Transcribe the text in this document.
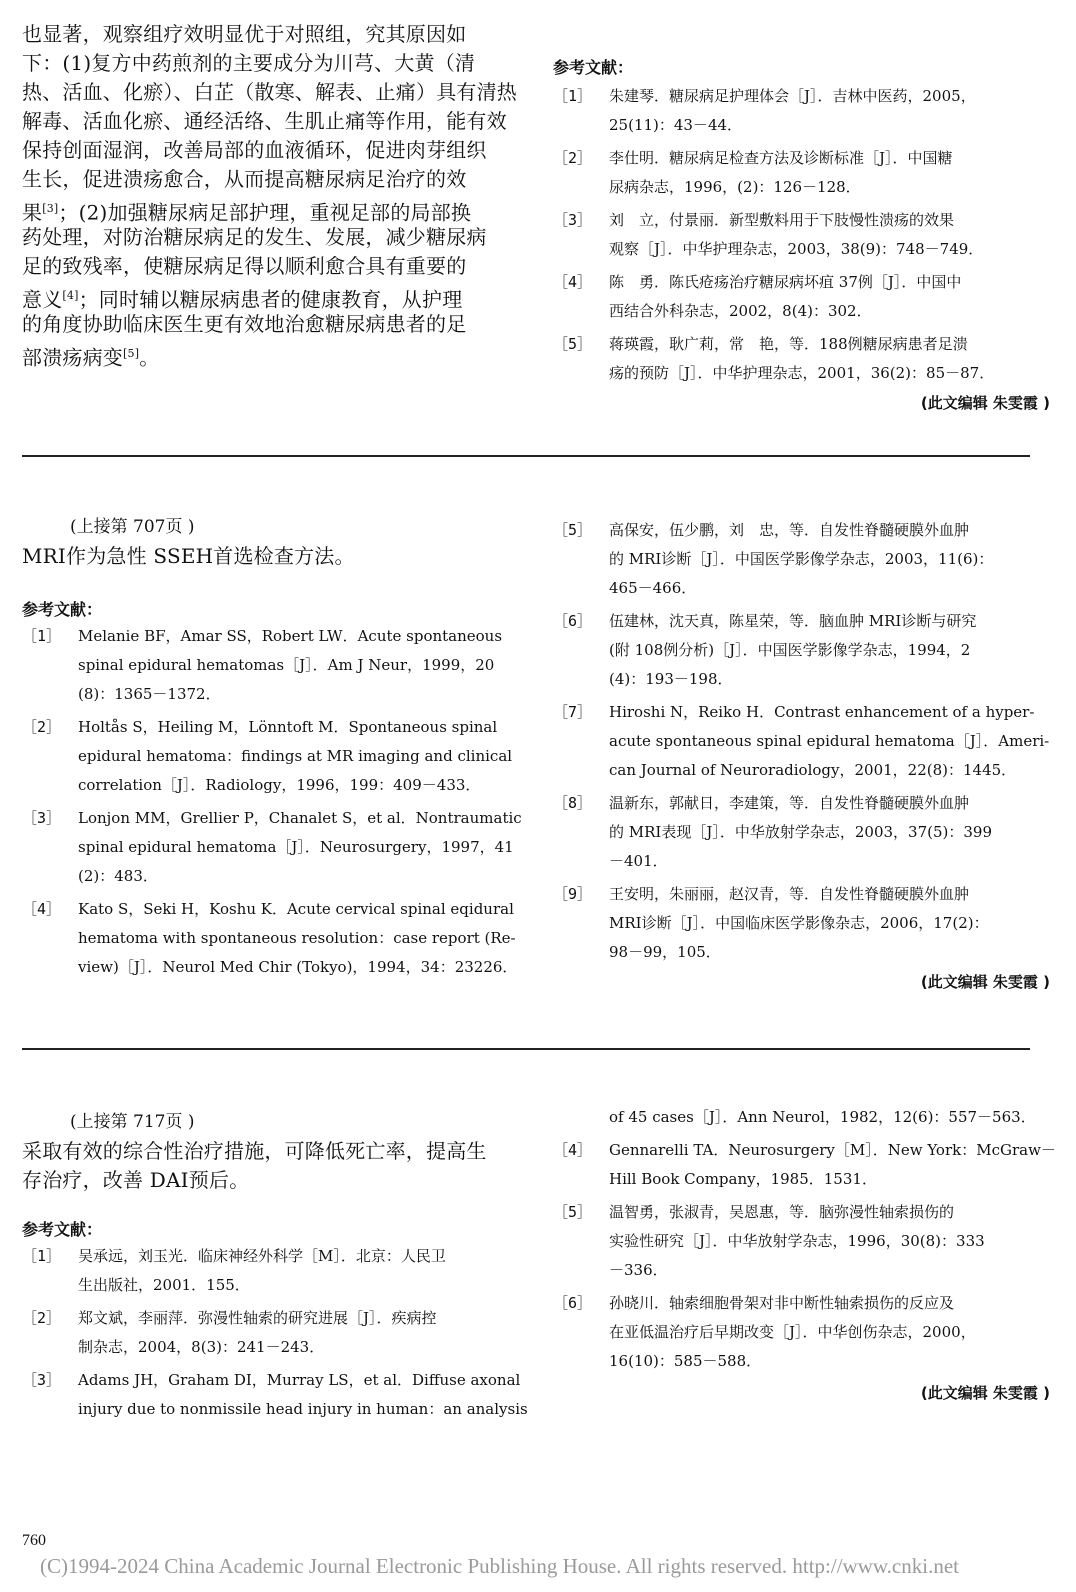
也显著，观察组疗效明显优于对照组，究其原因如
下：(1)复方中药煎剂的主要成分为川芎、大黄（清
热、活血、化瘀）、白芷（散寒、解表、止痛）具有清热
解毒、活血化瘀、通经活络、生肌止痛等作用，能有效
保持创面湿润，改善局部的血液循环，促进肉芽组织
生长，促进溃疡愈合，从而提高糖尿病足治疗的效
果[3]；(2)加强糖尿病足部护理，重视足部的局部换
药处理，对防治糖尿病足的发生、发展，减少糖尿病
足的致残率，使糖尿病足得以顺利愈合具有重要的
意义[4]；同时辅以糖尿病患者的健康教育，从护理
的角度协助临床医生更有效地治愈糖尿病患者的足
部溃疡病变[5]。
参考文献：
［1］	朱建琴．糖尿病足护理体会［J］．吉林中医药，2005，
25(11)：43－44．
［2］	李仕明．糖尿病足检查方法及诊断标准［J］．中国糖
尿病杂志，1996，(2)：126－128．
［3］	刘　立，付景丽．新型敷料用于下肢慢性溃疡的效果
观察［J］．中华护理杂志，2003，38(9)：748－749．
［4］	陈　勇．陈氏疮疡治疗糖尿病坏疽 37例［J］．中国中
西结合外科杂志，2002，8(4)：302．
［5］	蒋瑛霞，耿广莉，常　艳，等．188例糖尿病患者足溃
疡的预防［J］．中华护理杂志，2001，36(2)：85－87．
(此文编辑 朱雯霞 )
(上接第 707页 )
MRI作为急性 SSEH首选检查方法。
参考文献：
［1］	Melanie BF，Amar SS，Robert LW．Acute spontaneous
spinal epidural hematomas［J］．Am J Neur，1999，20
(8)：1365－1372．
［2］	Holtås S，Heiling M，Lönntoft M．Spontaneous spinal
epidural hematoma：findings at MR imaging and clinical
correlation［J］．Radiology，1996，199：409－433．
［3］	Lonjon MM，Grellier P，Chanalet S，et al．Nontraumatic
spinal epidural hematoma［J］．Neurosurgery，1997，41
(2)：483．
［4］	Kato S，Seki H，Koshu K．Acute cervical spinal eqidural
hematoma with spontaneous resolution：case report (Re-
view)［J］．Neurol Med Chir (Tokyo)，1994，34：23226．
［5］	高保安，伍少鹏，刘　忠，等．自发性脊髓硬膜外血肿
的 MRI诊断［J］．中国医学影像学杂志，2003，11(6)：
465－466．
［6］	伍建林，沈天真，陈星荣，等．脑血肿 MRI诊断与研究
(附 108例分析)［J］．中国医学影像学杂志，1994，2
(4)：193－198．
［7］	Hiroshi N，Reiko H．Contrast enhancement of a hyper-
acute spontaneous spinal epidural hematoma［J］．Ameri-
can Journal of Neuroradiology，2001，22(8)：1445．
［8］	温新东，郭献日，李建策，等．自发性脊髓硬膜外血肿
的 MRI表现［J］．中华放射学杂志，2003，37(5)：399
－401．
［9］	王安明，朱丽丽，赵汉青，等．自发性脊髓硬膜外血肿
MRI诊断［J］．中国临床医学影像杂志，2006，17(2)：
98－99，105．
(此文编辑 朱雯霞 )
(上接第 717页 )
采取有效的综合性治疗措施，可降低死亡率，提高生
存治疗，改善 DAI预后。
参考文献：
［1］	吴承远，刘玉光．临床神经外科学［M］．北京：人民卫
生出版社，2001．155．
［2］	郑文斌，李丽萍．弥漫性轴索的研究进展［J］．疾病控
制杂志，2004，8(3)：241－243．
［3］	Adams JH，Graham DI，Murray LS，et al．Diffuse axonal
injury due to nonmissile head injury in human：an analysis
of 45 cases［J］．Ann Neurol，1982，12(6)：557－563．
［4］	Gennarelli TA．Neurosurgery［M］．New York：McGraw－
Hill Book Company，1985．1531．
［5］	温智勇，张淑青，吴恩惠，等．脑弥漫性轴索损伤的
实验性研究［J］．中华放射学杂志，1996，30(8)：333
－336．
［6］	孙晓川．轴索细胞骨架对非中断性轴索损伤的反应及
在亚低温治疗后早期改变［J］．中华创伤杂志，2000，
16(10)：585－588．
(此文编辑 朱雯霞 )
760
(C)1994-2024 China Academic Journal Electronic Publishing House. All rights reserved. http://www.cnki.net
